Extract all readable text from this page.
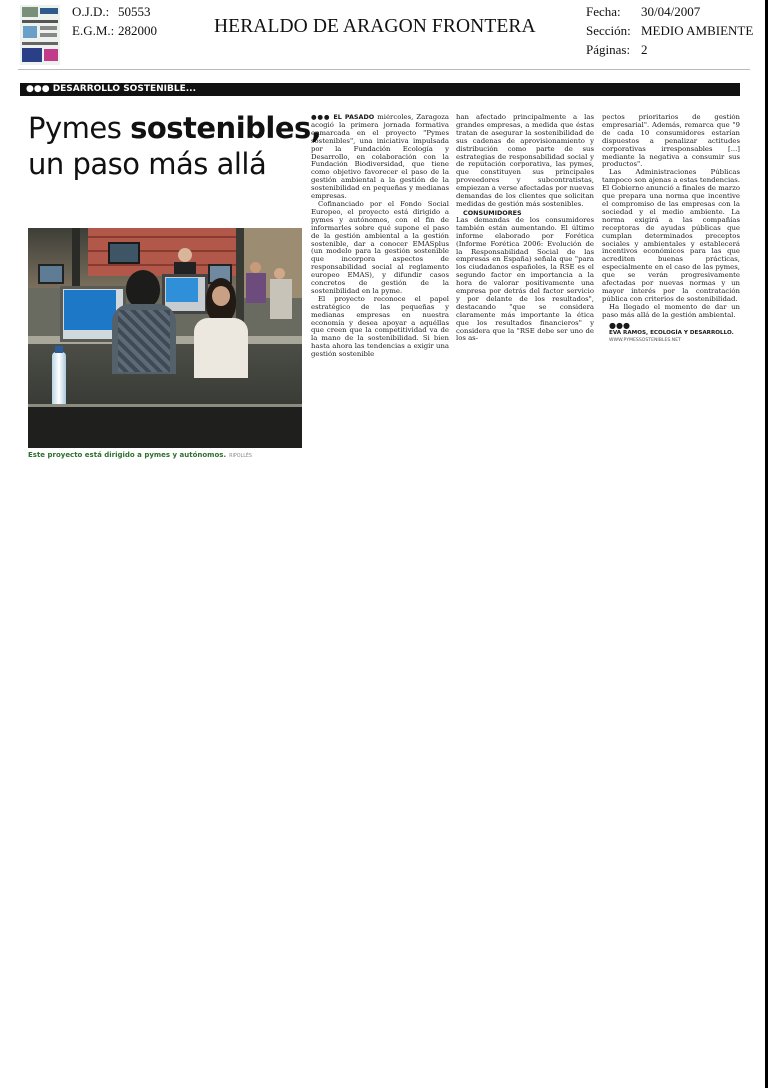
O.J.D.: 50553
E.G.M.: 282000	HERALDO DE ARAGON FRONTERA
Fecha: 30/04/2007
Sección: MEDIO AMBIENTE
Páginas: 2
●●● DESARROLLO SOSTENIBLE...
Pymes sostenibles,
un paso más allá
Este proyecto está dirigido a pymes y autónomos. RIPOLLÉS

●●● EL PASADO miércoles, Zaragoza acogió la primera jornada formativa enmarcada en el proyecto "Pymes sostenibles", una iniciativa impulsada por la Fundación Ecología y Desarrollo, en colaboración con la Fundación Biodiversidad, que tiene como objetivo favorecer el paso de la gestión ambiental a la gestión de la sostenibilidad en pequeñas y medianas empresas.

Cofinanciado por el Fondo Social Europeo, el proyecto está dirigido a pymes y autónomos, con el fin de informarles sobre qué supone el paso de la gestión ambiental a la gestión sostenible, dar a conocer EMASplus (un modelo para la gestión sostenible que incorpora aspectos de responsabilidad social al reglamento europeo EMAS), y difundir casos concretos de gestión de la sostenibilidad en la pyme.

El proyecto reconoce el papel estratégico de las pequeñas y medianas empresas en nuestra economía y desea apoyar a aquéllas que creen que la competitividad va de la mano de la sostenibilidad. Si bien hasta ahora las tendencias a exigir una gestión sostenible

han afectado principalmente a las grandes empresas, a medida que éstas tratan de asegurar la sostenibilidad de sus cadenas de aprovisionamiento y distribución como parte de sus estrategias de responsabilidad social y de reputación corporativa, las pymes, que constituyen sus principales proveedores y subcontratistas, empiezan a verse afectadas por nuevas demandas de los clientes que solicitan medidas de gestión más sostenibles.

CONSUMIDORES

Las demandas de los consumidores también están aumentando. El último informe elaborado por Forética (Informe Forética 2006: Evolución de la Responsabilidad Social de las empresas en España) señala que "para los ciudadanos españoles, la RSE es el segundo factor en importancia a la hora de valorar positivamente una empresa por detrás del factor servicio y por delante de los resultados", destacando "que se considera claramente más importante la ética que los resultados financieros" y considera que la "RSE debe ser uno de los as-

pectos prioritarios de gestión empresarial". Además, remarca que "9 de cada 10 consumidores estarían dispuestos a penalizar actitudes corporativas irresponsables [...] mediante la negativa a consumir sus productos".

Las Administraciones Públicas tampoco son ajenas a estas tendencias. El Gobierno anunció a finales de marzo que prepara una norma que incentive el compromiso de las empresas con la sociedad y el medio ambiente. La norma exigirá a las compañías receptoras de ayudas públicas que cumplan determinados preceptos sociales y ambientales y establecerá incentivos económicos para las que acrediten buenas prácticas, especialmente en el caso de las pymes, que se verán progresivamente afectadas por nuevas normas y un mayor interés por la contratación pública con criterios de sostenibilidad.

Ha llegado el momento de dar un paso más allá de la gestión ambiental.

●●●

EVA RAMOS, ECOLOGÍA Y DESARROLLO.

WWW.PYMESSOSTENIBLES.NET
